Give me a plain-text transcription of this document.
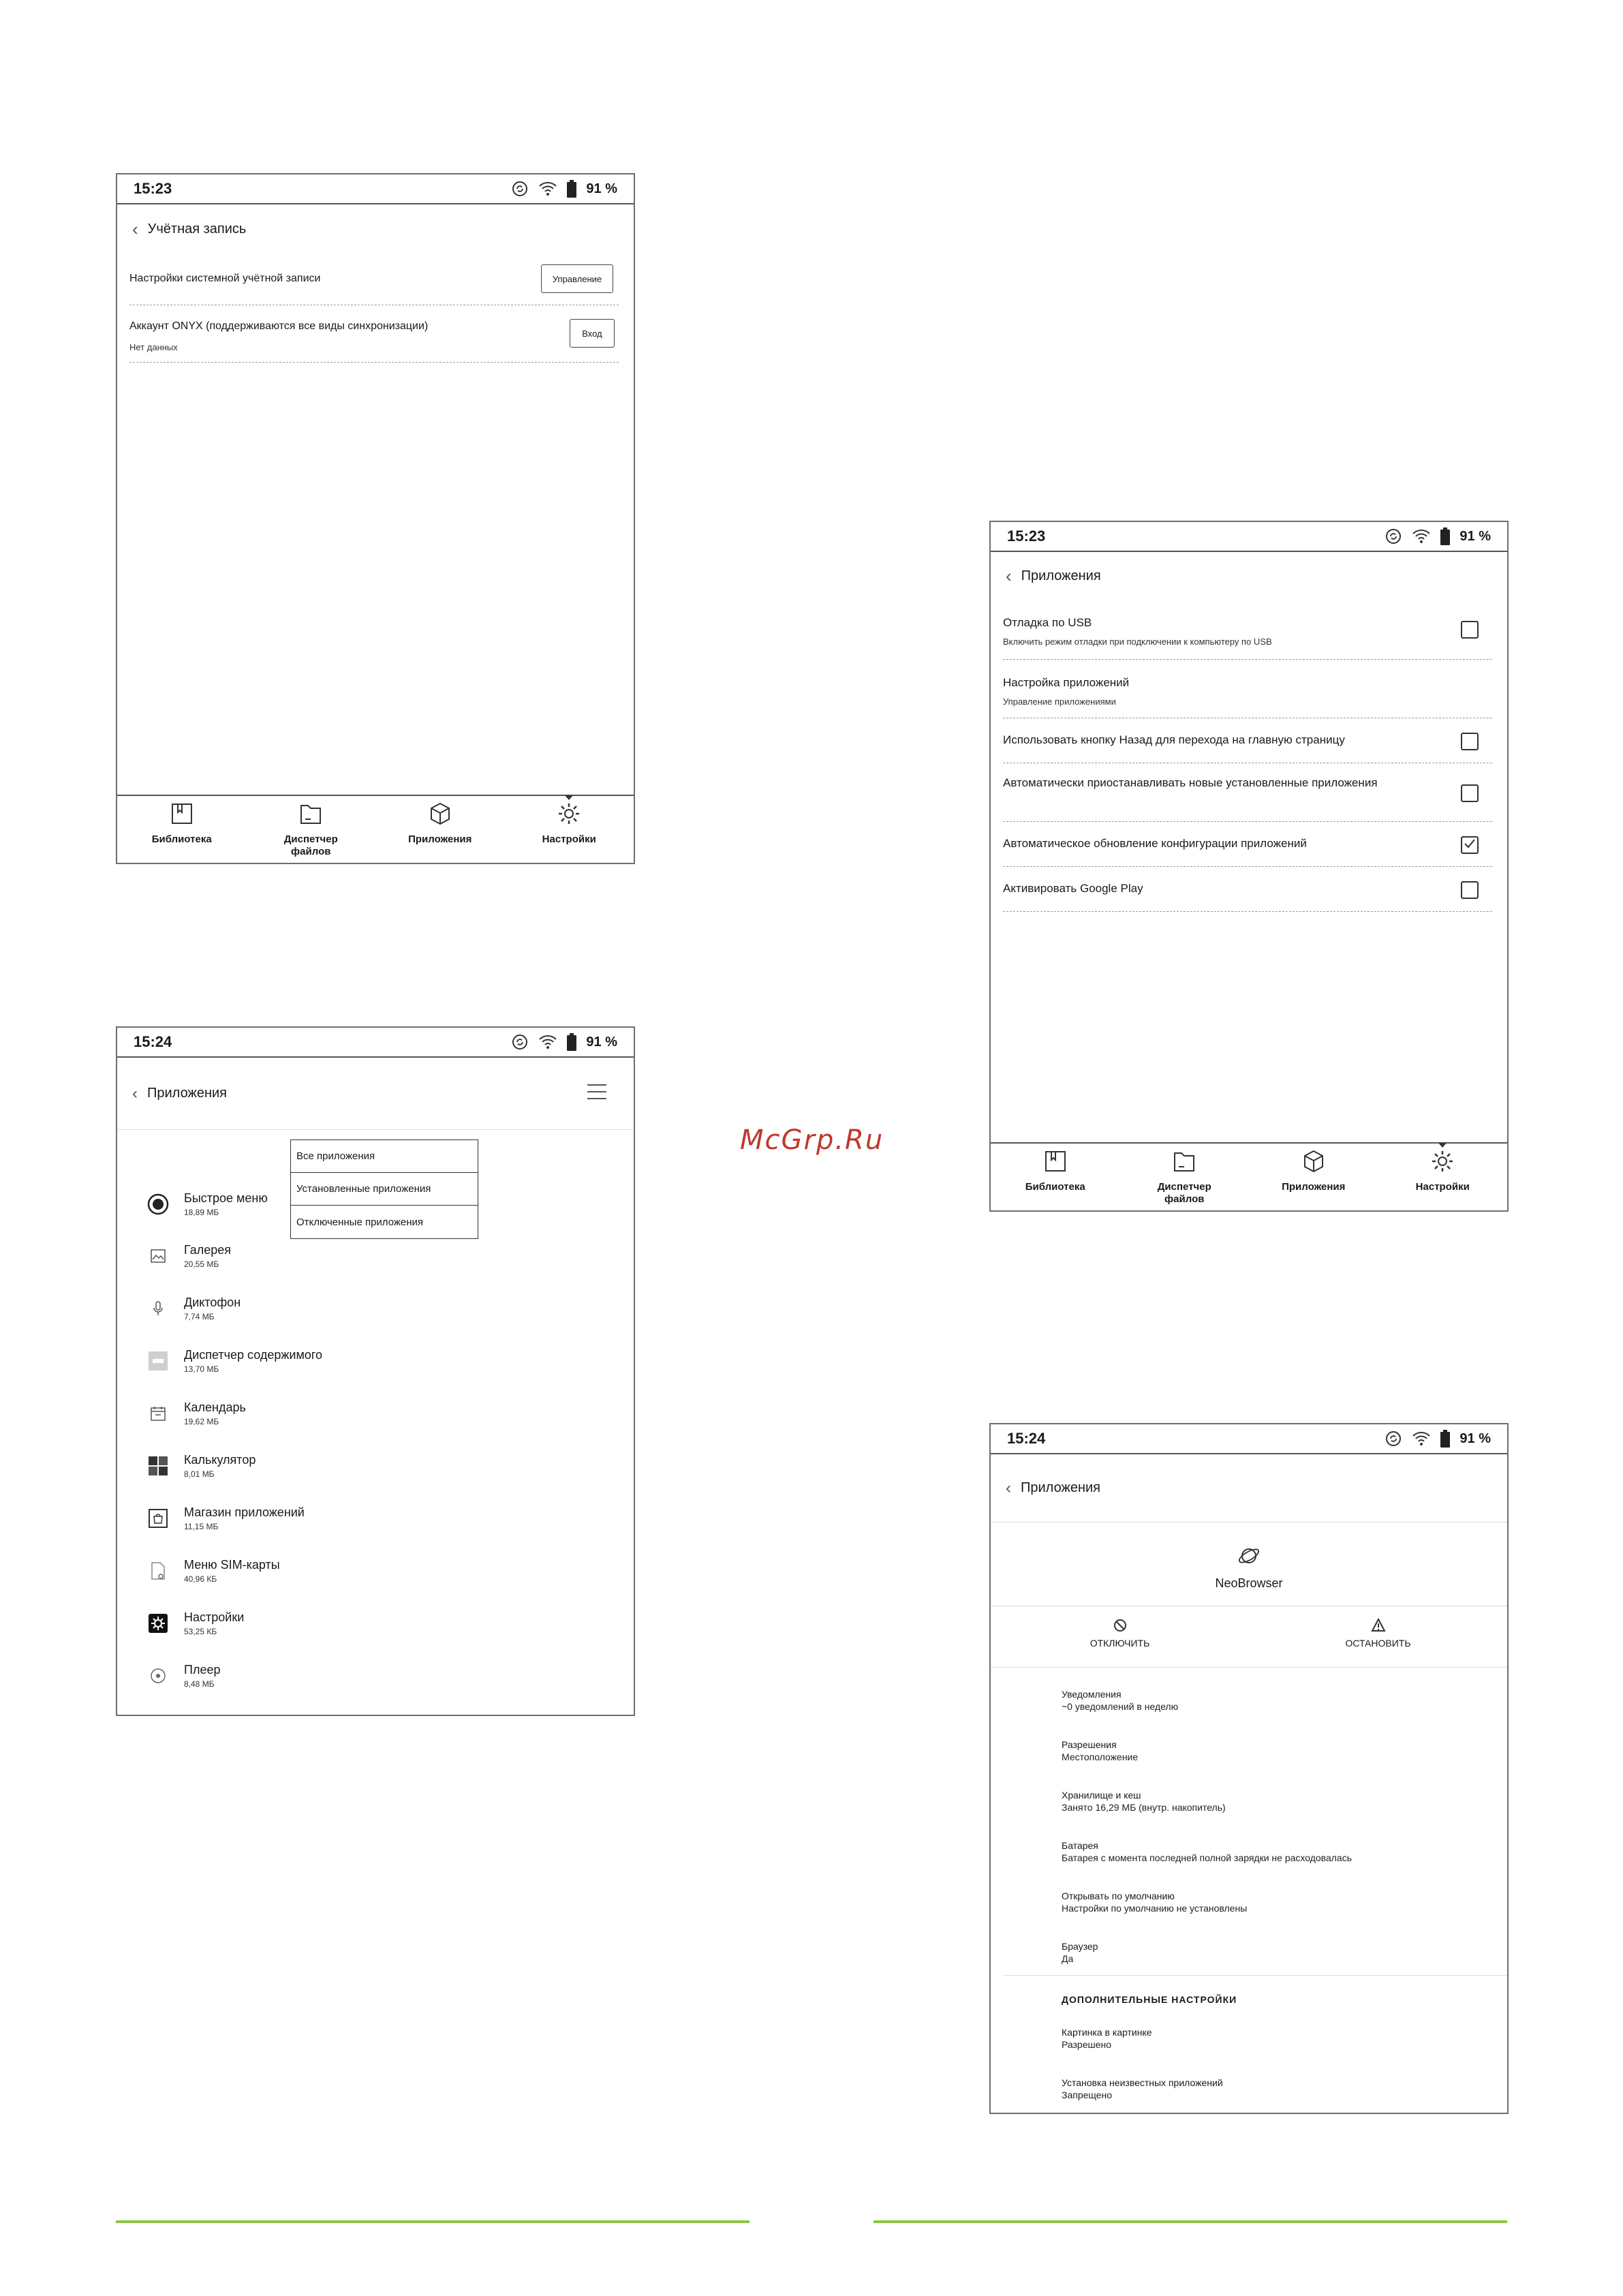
15:23	91 %
‹ Учётная запись
Настройки системной учётной записи	Управление
Аккаунт ONYX (поддерживаются все виды синхронизации)
Нет данных
Вход
Библиотека	Диспетчер
файлов
Приложения	Настройки
15:23	91 %
‹ Приложения
Отладка по USB
Включить режим отладки при подключении к компьютеру по USB
Настройка приложений
Управление приложениями
Использовать кнопку Назад для перехода на главную страницу
Автоматически приостанавливать новые установленные приложения
Автоматическое обновление конфигурации приложений
Активировать Google Play
Библиотека	Диспетчер
файлов
Приложения	Настройки
15:24	91 %
‹ Приложения
Быстрое меню
18,89 МБ
Галерея
20,55 МБ
Диктофон
7,74 МБ
Диспетчер содержимого
13,70 МБ
Календарь
19,62 МБ
Калькулятор
8,01 МБ
Магазин приложений
11,15 МБ
Меню SIM-карты
40,96 КБ
Настройки
53,25 КБ
Плеер
8,48 МБ
Все приложения
Установленные приложения
Отключенные приложения
15:24	91 %
‹ Приложения
NeoBrowser
ОТКЛЮЧИТЬ	ОСТАНОВИТЬ
Уведомления
~0 уведомлений в неделю
Разрешения
Местоположение
Хранилище и кеш
Занято 16,29 МБ (внутр. накопитель)
Батарея
Батарея с момента последней полной зарядки не расходовалась
Открывать по умолчанию
Настройки по умолчанию не установлены
Браузер
Да
ДОПОЛНИТЕЛЬНЫЕ НАСТРОЙКИ
Картинка в картинке
Разрешено
Установка неизвестных приложений
Запрещено
McGrp.Ru
